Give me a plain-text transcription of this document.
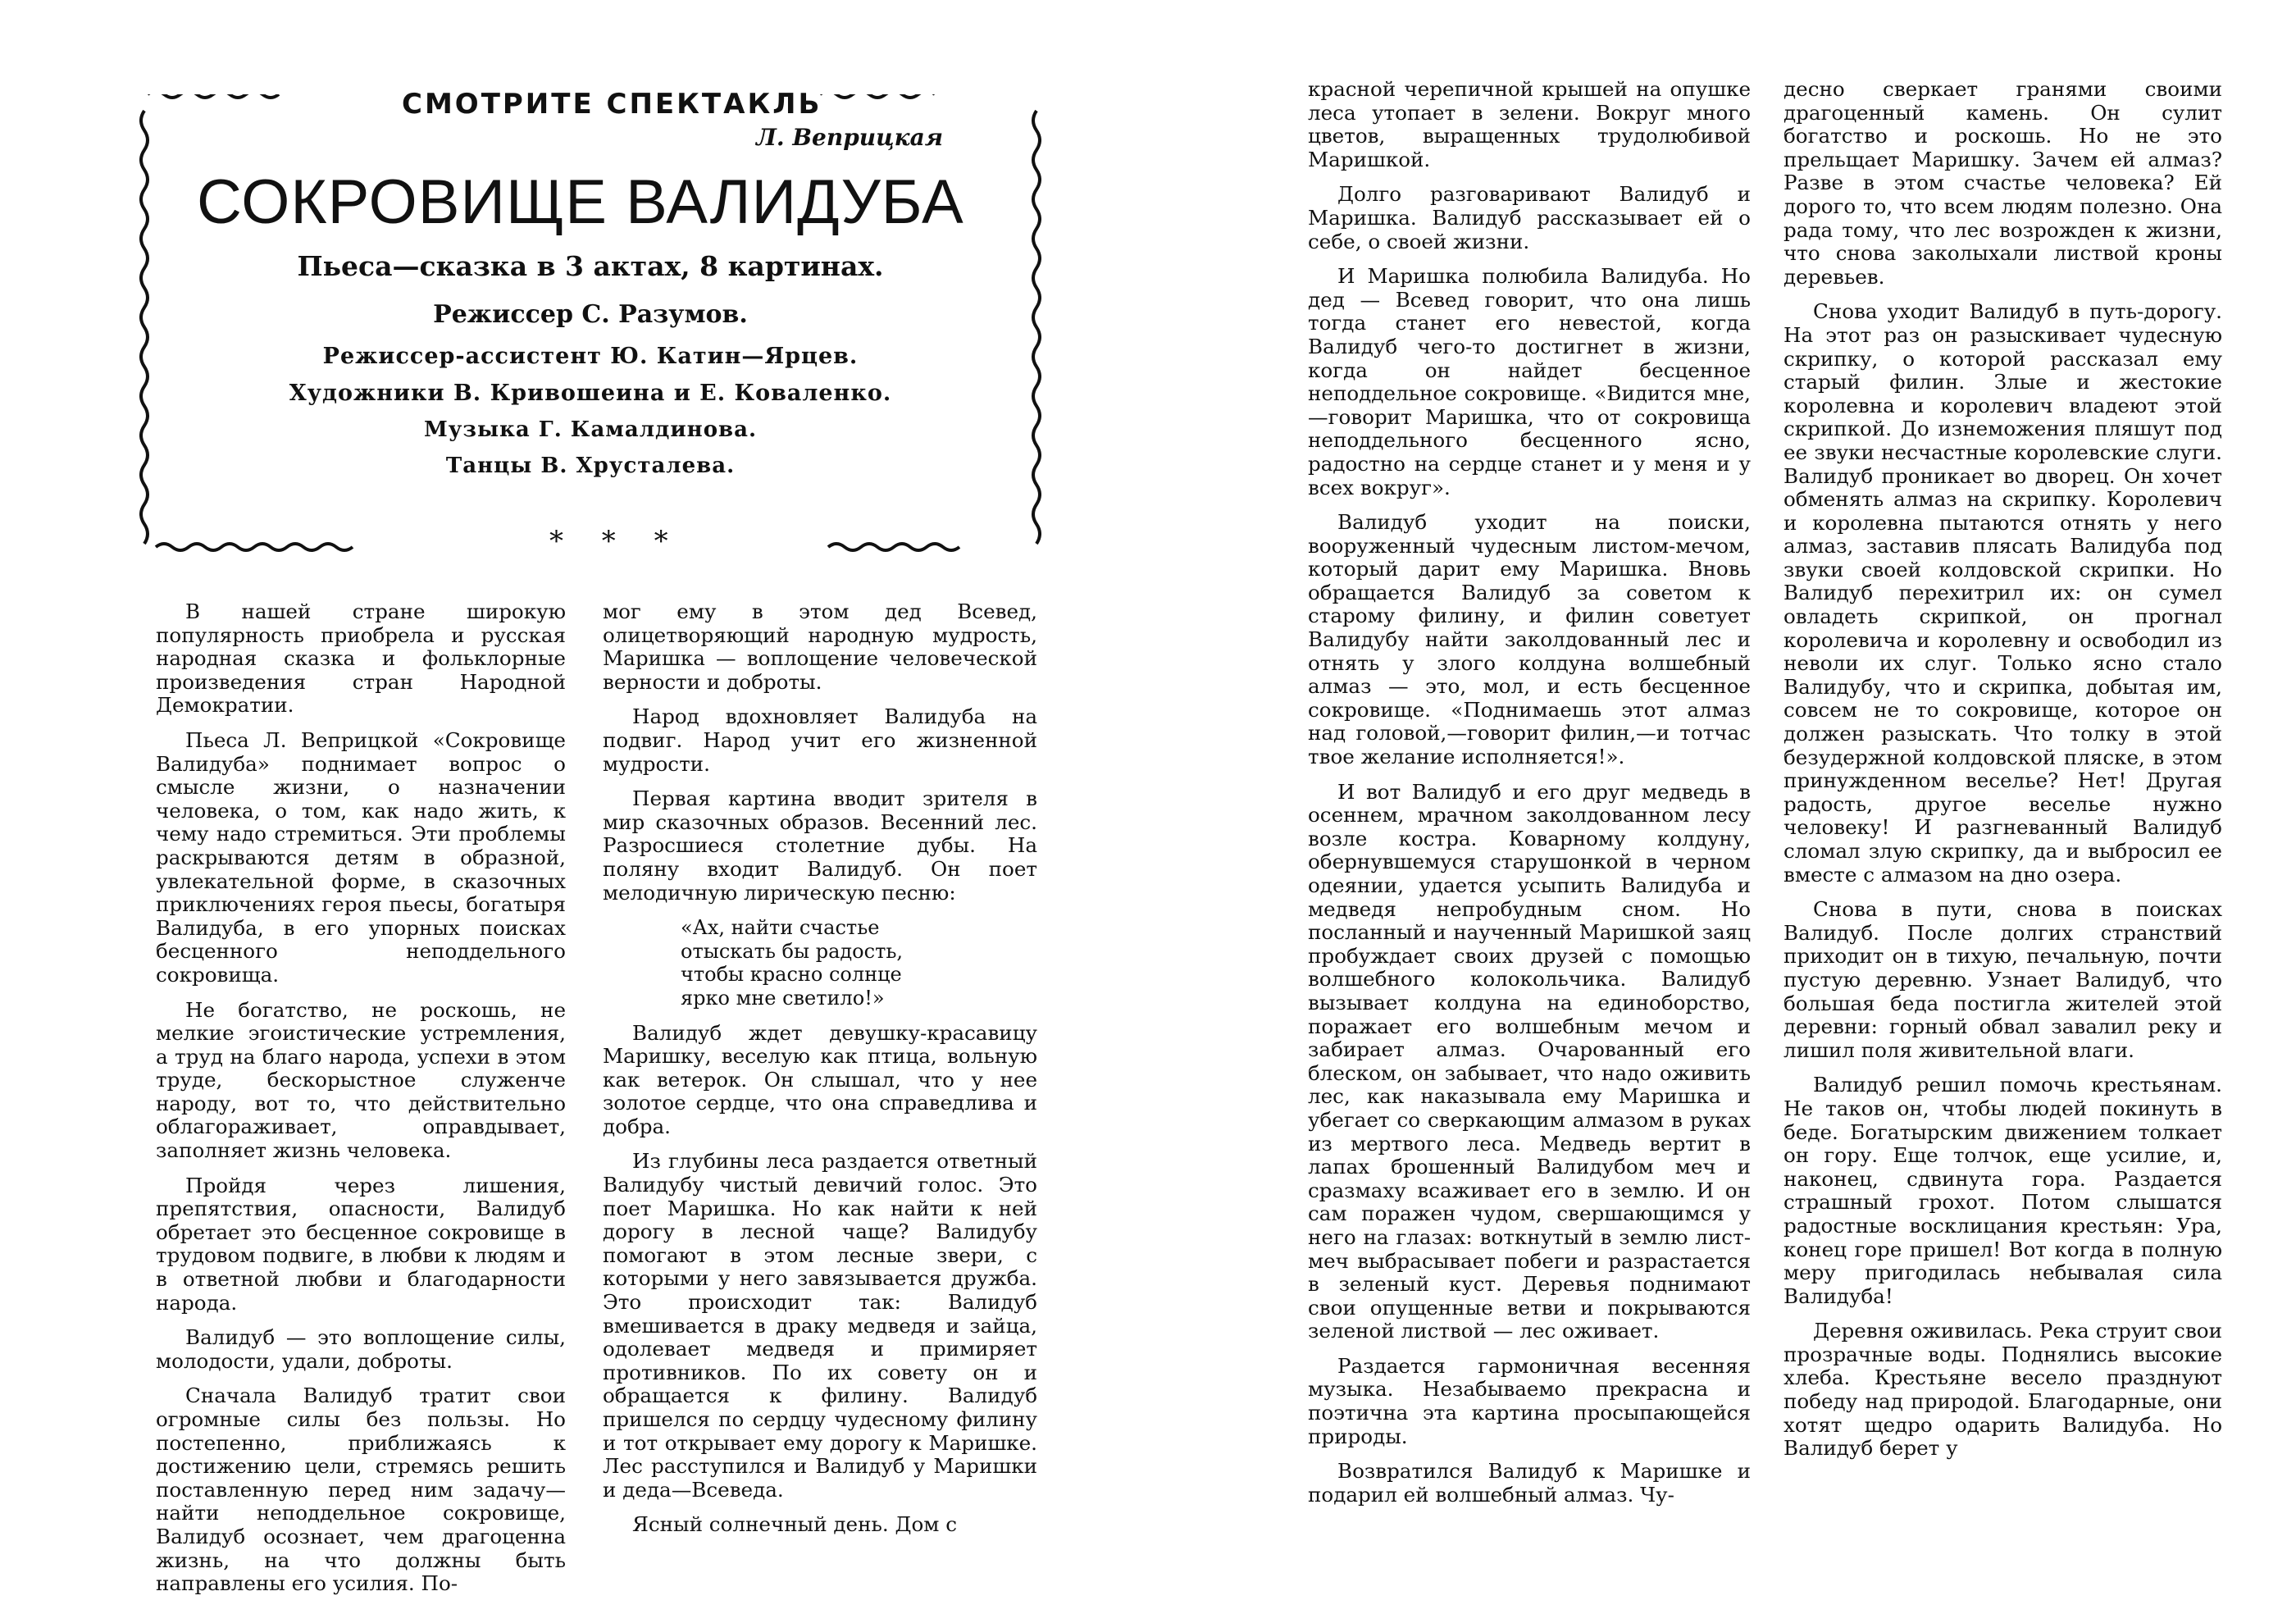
СМОТРИТЕ СПЕКТАКЛЬ
Л. Веприцкая
СОКРОВИЩЕ ВАЛИДУБА
Пьеса—сказка в 3 актах, 8 картинах.
Режиссер С. Разумов.
Режиссер-ассистент Ю. Катин—Ярцев.
Художники В. Кривошеина и Е. Коваленко.
Музыка Г. Камалдинова.
Танцы В. Хрусталева.
* * *

В нашей стране широкую популярность приобрела и русская народная сказка и фольклорные произведения стран Народной Демократии.

Пьеса Л. Веприцкой «Сокровище Валидуба» поднимает вопрос о смысле жизни, о назначении человека, о том, как надо жить, к чему надо стремиться. Эти проблемы раскрываются детям в образной, увлекательной форме, в сказочных приключениях героя пьесы, богатыря Валидуба, в его упорных поисках бесценного неподдельного сокровища.

Не богатство, не роскошь, не мелкие эгоистические устремления, а труд на благо народа, успехи в этом труде, бескорыстное служенче народу, вот то, что действительно облагораживает, оправдывает, заполняет жизнь человека.

Пройдя через лишения, препятствия, опасности, Валидуб обретает это бесценное сокровище в трудовом подвиге, в любви к людям и в ответной любви и благодарности народа.

Валидуб — это воплощение силы, молодости, удали, доброты.

Сначала Валидуб тратит свои огромные силы без пользы. Но постепенно, приближаясь к достижению цели, стремясь решить поставленную перед ним задачу—найти неподдельное сокровище, Валидуб осознает, чем драгоценна жизнь, на что должны быть направлены его усилия. По-

мог ему в этом дед Всевед, олицетворяющий народную мудрость, Маришка — воплощение человеческой верности и доброты.

Народ вдохновляет Валидуба на подвиг. Народ учит его жизненной мудрости.

Первая картина вводит зрителя в мир сказочных образов. Весенний лес. Разросшиеся столетние дубы. На поляну входит Валидуб. Он поет мелодичную лирическую песню:

«Ах, найти счастье
отыскать бы радость,
чтобы красно солнце
ярко мне светило!»

Валидуб ждет девушку-красавицу Маришку, веселую как птица, вольную как ветерок. Он слышал, что у нее золотое сердце, что она справедлива и добра.

Из глубины леса раздается ответный Валидубу чистый девичий голос. Это поет Маришка. Но как найти к ней дорогу в лесной чаще? Валидубу помогают в этом лесные звери, с которыми у него завязывается дружба. Это происходит так: Валидуб вмешивается в драку медведя и зайца, одолевает медведя и примиряет противников. По их совету он и обращается к филину. Валидуб пришелся по сердцу чудесному филину и тот открывает ему дорогу к Маришке. Лес расступился и Валидуб у Маришки и деда—Всеведа.

Ясный солнечный день. Дом с

красной черепичной крышей на опушке леса утопает в зелени. Вокруг много цветов, выращенных трудолюбивой Маришкой.

Долго разговаривают Валидуб и Маришка. Валидуб рассказывает ей о себе, о своей жизни.

И Маришка полюбила Валидуба. Но дед — Всевед говорит, что она лишь тогда станет его невестой, когда Валидуб чего-то достигнет в жизни, когда он найдет бесценное неподдельное сокровище. «Видится мне,—говорит Маришка, что от сокровища неподдельного бесценного ясно, радостно на сердце станет и у меня и у всех вокруг».

Валидуб уходит на поиски, вооруженный чудесным листом-мечом, который дарит ему Маришка. Вновь обращается Валидуб за советом к старому филину, и филин советует Валидубу найти заколдованный лес и отнять у злого колдуна волшебный алмаз — это, мол, и есть бесценное сокровище. «Поднимаешь этот алмаз над головой,—говорит филин,—и тотчас твое желание исполняется!».

И вот Валидуб и его друг медведь в осеннем, мрачном заколдованном лесу возле костра. Коварному колдуну, обернувшемуся старушонкой в черном одеянии, удается усыпить Валидуба и медведя непробудным сном. Но посланный и наученный Маришкой заяц пробуждает своих друзей с помощью волшебного колокольчика. Валидуб вызывает колдуна на единоборство, поражает его волшебным мечом и забирает алмаз. Очарованный его блеском, он забывает, что надо оживить лес, как наказывала ему Маришка и убегает со сверкающим алмазом в руках из мертвого леса. Медведь вертит в лапах брошенный Валидубом меч и сразмаху всаживает его в землю. И он сам поражен чудом, свершающимся у него на глазах: воткнутый в землю лист-меч выбрасывает побеги и разрастается в зеленый куст. Деревья поднимают свои опущенные ветви и покрываются зеленой листвой — лес оживает.

Раздается гармоничная весенняя музыка. Незабываемо прекрасна и поэтична эта картина просыпающейся природы.

Возвратился Валидуб к Маришке и подарил ей волшебный алмаз. Чу-

десно сверкает гранями своими драгоценный камень. Он сулит богатство и роскошь. Но не это прельщает Маришку. Зачем ей алмаз? Разве в этом счастье человека? Ей дорого то, что всем людям полезно. Она рада тому, что лес возрожден к жизни, что снова заколыхали листвой кроны деревьев.

Снова уходит Валидуб в путь-дорогу. На этот раз он разыскивает чудесную скрипку, о которой рассказал ему старый филин. Злые и жестокие королевна и королевич владеют этой скрипкой. До изнеможения пляшут под ее звуки несчастные королевские слуги. Валидуб проникает во дворец. Он хочет обменять алмаз на скрипку. Королевич и королевна пытаются отнять у него алмаз, заставив плясать Валидуба под звуки своей колдовской скрипки. Но Валидуб перехитрил их: он сумел овладеть скрипкой, он прогнал королевича и королевну и освободил из неволи их слуг. Только ясно стало Валидубу, что и скрипка, добытая им, совсем не то сокровище, которое он должен разыскать. Что толку в этой безудержной колдовской пляске, в этом принужденном веселье? Нет! Другая радость, другое веселье нужно человеку! И разгневанный Валидуб сломал злую скрипку, да и выбросил ее вместе с алмазом на дно озера.

Снова в пути, снова в поисках Валидуб. После долгих странствий приходит он в тихую, печальную, почти пустую деревню. Узнает Валидуб, что большая беда постигла жителей этой деревни: горный обвал завалил реку и лишил поля живительной влаги.

Валидуб решил помочь крестьянам. Не таков он, чтобы людей покинуть в беде. Богатырским движением толкает он гору. Еще толчок, еще усилие, и, наконец, сдвинута гора. Раздается страшный грохот. Потом слышатся радостные восклицания крестьян: Ура, конец горе пришел! Вот когда в полную меру пригодилась небывалая сила Валидуба!

Деревня оживилась. Река струит свои прозрачные воды. Поднялись высокие хлеба. Крестьяне весело празднуют победу над природой. Благодарные, они хотят щедро одарить Валидуба. Но Валидуб берет у
